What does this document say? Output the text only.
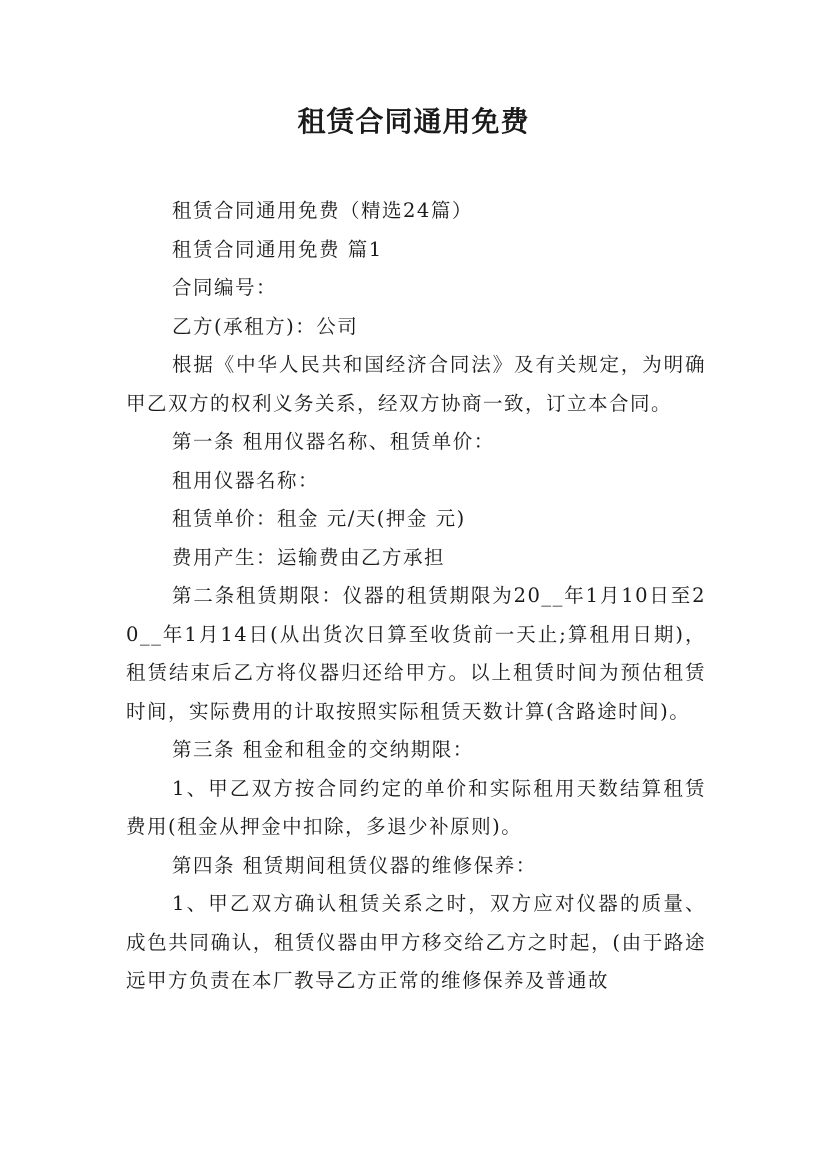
租赁合同通用免费

租赁合同通用免费（精选24篇）

租赁合同通用免费 篇1

合同编号：

乙方(承租方)：公司

根据《中华人民共和国经济合同法》及有关规定，为明确甲乙双方的权利义务关系，经双方协商一致，订立本合同。

第一条 租用仪器名称、租赁单价：

租用仪器名称：

租赁单价：租金 元/天(押金 元)

费用产生：运输费由乙方承担

第二条租赁期限：仪器的租赁期限为20__年1月10日至20__年1月14日(从出货次日算至收货前一天止;算租用日期)，租赁结束后乙方将仪器归还给甲方。以上租赁时间为预估租赁时间，实际费用的计取按照实际租赁天数计算(含路途时间)。

第三条 租金和租金的交纳期限：

1、甲乙双方按合同约定的单价和实际租用天数结算租赁费用(租金从押金中扣除，多退少补原则)。

第四条 租赁期间租赁仪器的维修保养：

1、甲乙双方确认租赁关系之时，双方应对仪器的质量、成色共同确认，租赁仪器由甲方移交给乙方之时起，(由于路途远甲方负责在本厂教导乙方正常的维修保养及普通故
